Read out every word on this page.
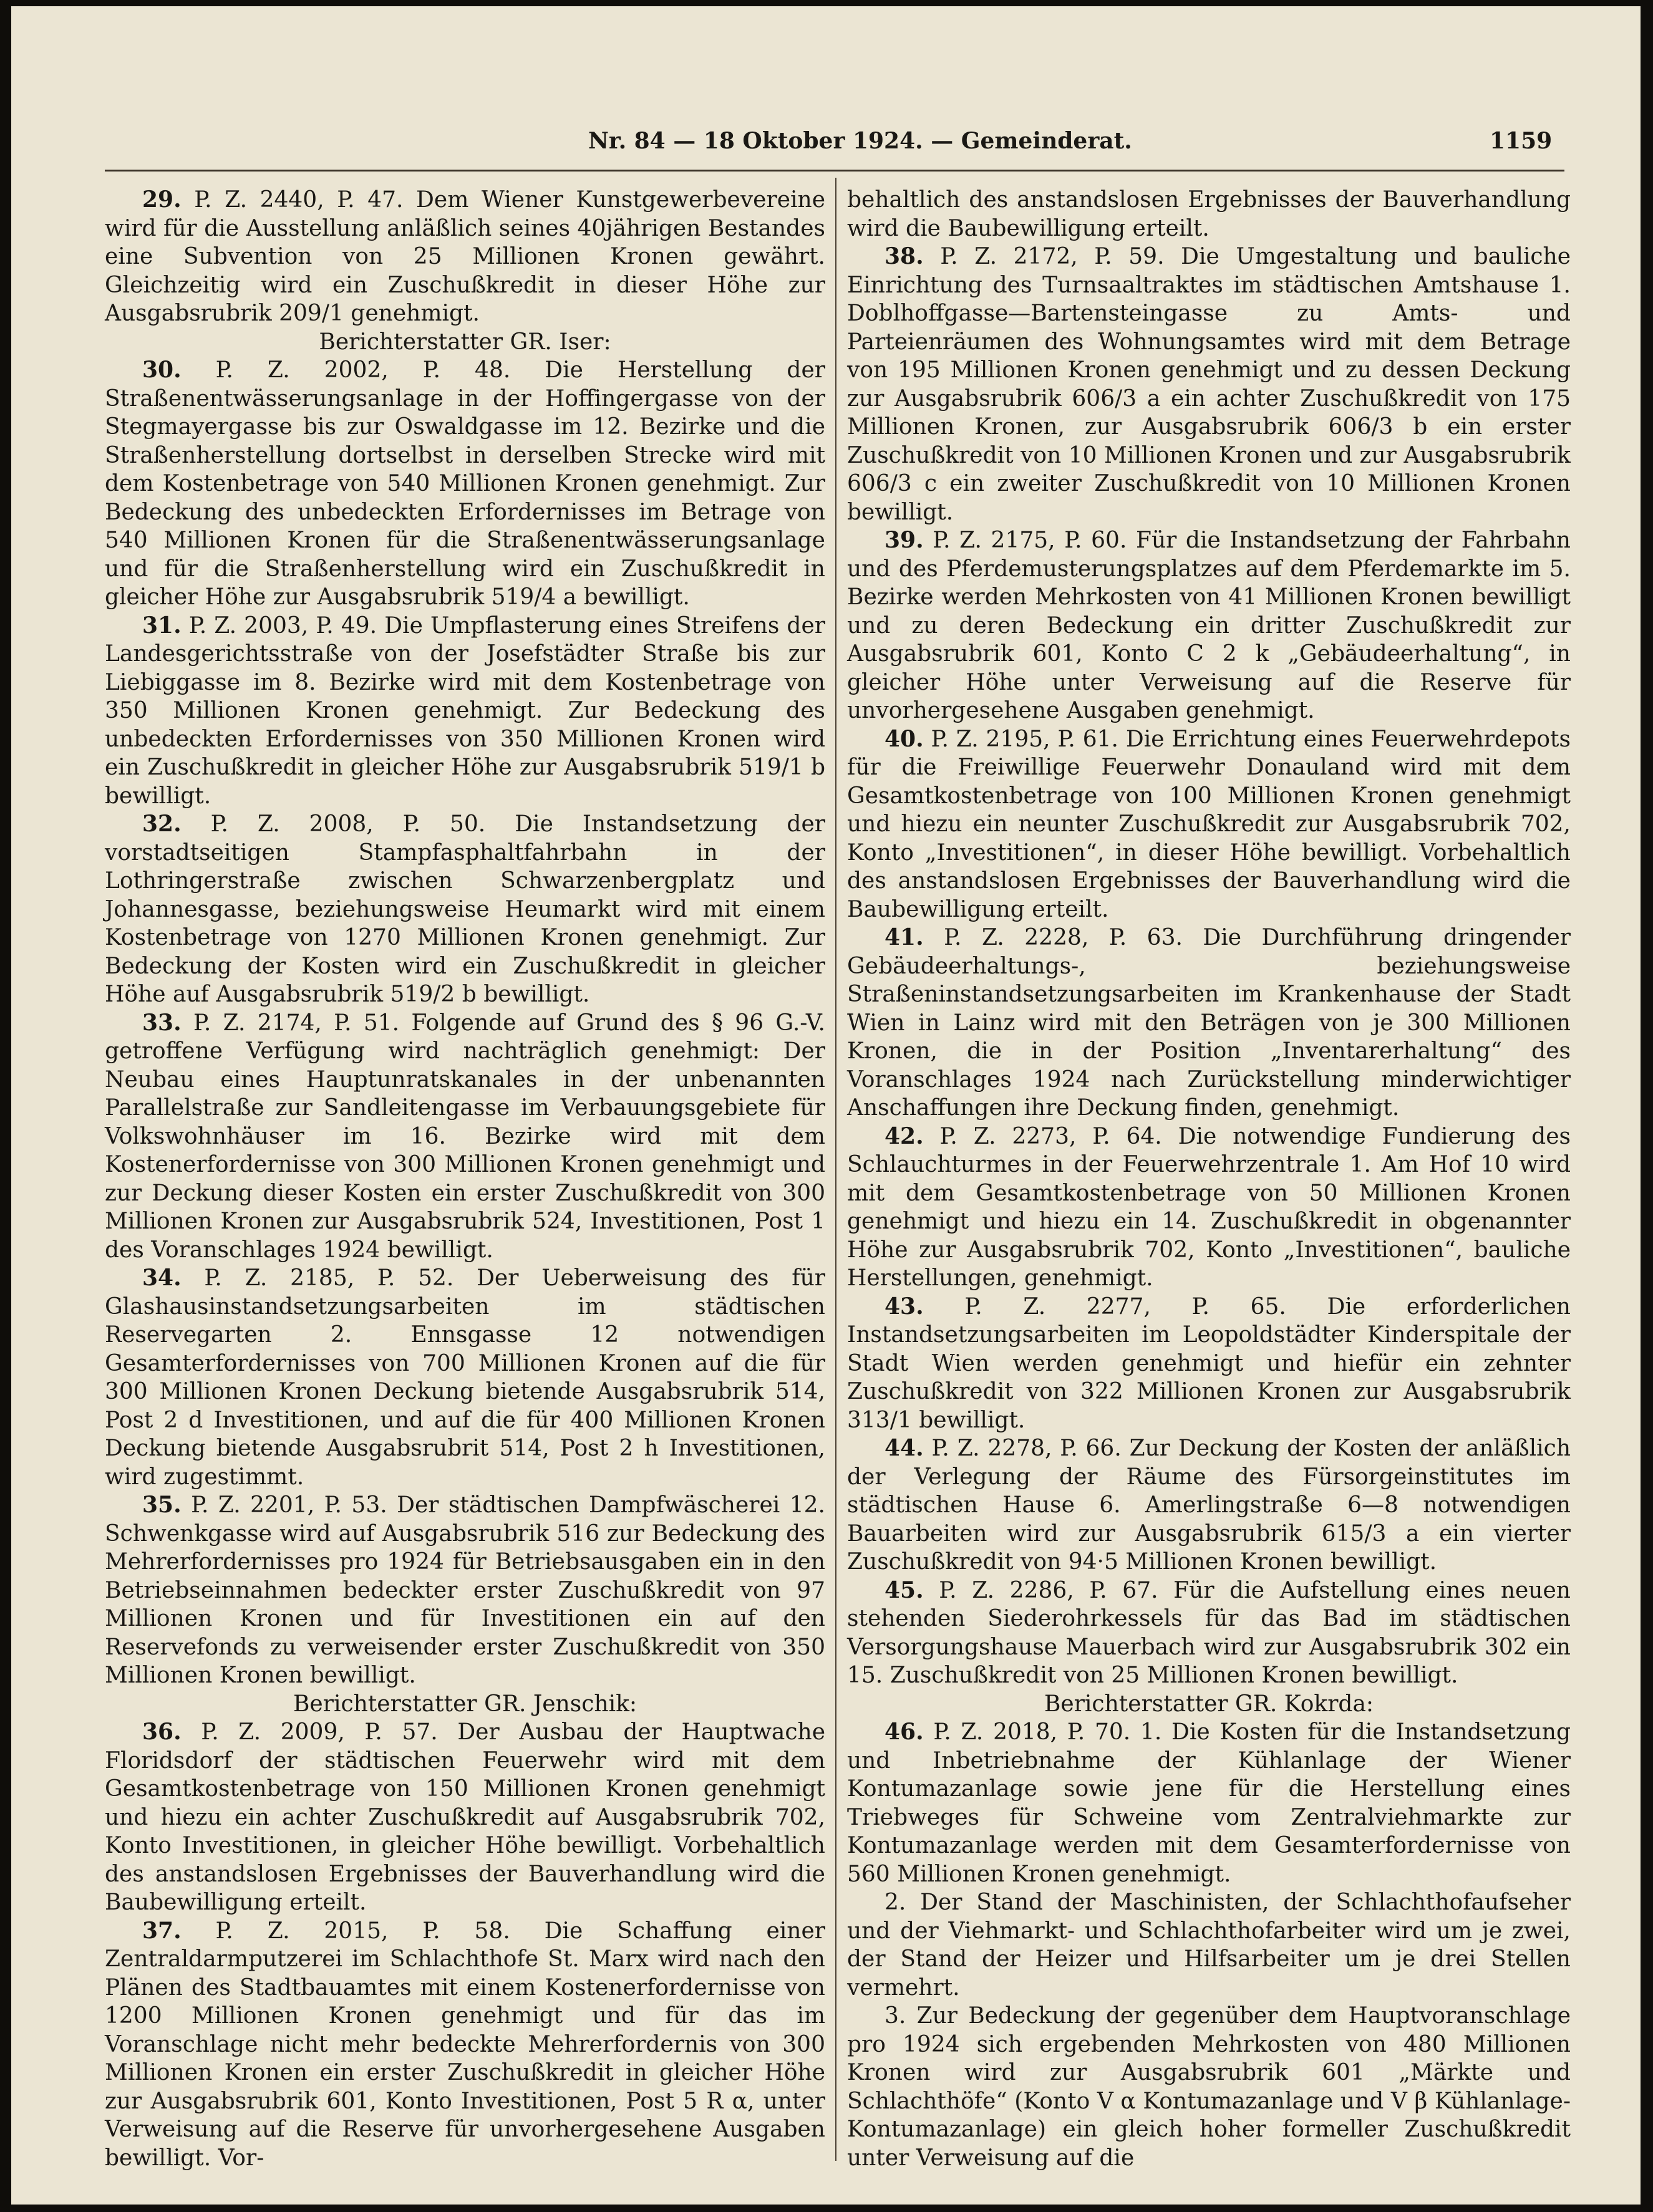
Nr. 84 — 18 Oktober 1924. — Gemeinderat.	1159

29. P. Z. 2440, P. 47. Dem Wiener Kunstgewerbevereine wird für die Ausstellung anläßlich seines 40jährigen Bestandes eine Subvention von 25 Millionen Kronen gewährt. Gleichzeitig wird ein Zuschußkredit in dieser Höhe zur Ausgabsrubrik 209/1 genehmigt.

Berichterstatter GR. Iser:

30. P. Z. 2002, P. 48. Die Herstellung der Straßenentwässerungsanlage in der Hoffingergasse von der Stegmayergasse bis zur Oswaldgasse im 12. Bezirke und die Straßenherstellung dortselbst in derselben Strecke wird mit dem Kostenbetrage von 540 Millionen Kronen genehmigt. Zur Bedeckung des unbedeckten Erfordernisses im Betrage von 540 Millionen Kronen für die Straßenentwässerungsanlage und für die Straßenherstellung wird ein Zuschußkredit in gleicher Höhe zur Ausgabsrubrik 519/4 a bewilligt.

31. P. Z. 2003, P. 49. Die Umpflasterung eines Streifens der Landesgerichtsstraße von der Josefstädter Straße bis zur Liebiggasse im 8. Bezirke wird mit dem Kostenbetrage von 350 Millionen Kronen genehmigt. Zur Bedeckung des unbedeckten Erfordernisses von 350 Millionen Kronen wird ein Zuschußkredit in gleicher Höhe zur Ausgabsrubrik 519/1 b bewilligt.

32. P. Z. 2008, P. 50. Die Instandsetzung der vorstadtseitigen Stampfasphaltfahrbahn in der Lothringerstraße zwischen Schwarzenbergplatz und Johannesgasse, beziehungsweise Heumarkt wird mit einem Kostenbetrage von 1270 Millionen Kronen genehmigt. Zur Bedeckung der Kosten wird ein Zuschußkredit in gleicher Höhe auf Ausgabsrubrik 519/2 b bewilligt.

33. P. Z. 2174, P. 51. Folgende auf Grund des § 96 G.-V. getroffene Verfügung wird nachträglich genehmigt: Der Neubau eines Hauptunratskanales in der unbenannten Parallelstraße zur Sandleitengasse im Verbauungsgebiete für Volkswohnhäuser im 16. Bezirke wird mit dem Kostenerfordernisse von 300 Millionen Kronen genehmigt und zur Deckung dieser Kosten ein erster Zuschußkredit von 300 Millionen Kronen zur Ausgabsrubrik 524, Investitionen, Post 1 des Voranschlages 1924 bewilligt.

34. P. Z. 2185, P. 52. Der Ueberweisung des für Glashausinstandsetzungsarbeiten im städtischen Reservegarten 2. Ennsgasse 12 notwendigen Gesamterfordernisses von 700 Millionen Kronen auf die für 300 Millionen Kronen Deckung bietende Ausgabsrubrik 514, Post 2 d Investitionen, und auf die für 400 Millionen Kronen Deckung bietende Ausgabsrubrit 514, Post 2 h Investitionen, wird zugestimmt.

35. P. Z. 2201, P. 53. Der städtischen Dampfwäscherei 12. Schwenkgasse wird auf Ausgabsrubrik 516 zur Bedeckung des Mehrerfordernisses pro 1924 für Betriebsausgaben ein in den Betriebseinnahmen bedeckter erster Zuschußkredit von 97 Millionen Kronen und für Investitionen ein auf den Reservefonds zu verweisender erster Zuschußkredit von 350 Millionen Kronen bewilligt.

Berichterstatter GR. Jenschik:

36. P. Z. 2009, P. 57. Der Ausbau der Hauptwache Floridsdorf der städtischen Feuerwehr wird mit dem Gesamtkostenbetrage von 150 Millionen Kronen genehmigt und hiezu ein achter Zuschußkredit auf Ausgabsrubrik 702, Konto Investitionen, in gleicher Höhe bewilligt. Vorbehaltlich des anstandslosen Ergebnisses der Bauverhandlung wird die Baubewilligung erteilt.

37. P. Z. 2015, P. 58. Die Schaffung einer Zentraldarmputzerei im Schlachthofe St. Marx wird nach den Plänen des Stadtbauamtes mit einem Kostenerfordernisse von 1200 Millionen Kronen genehmigt und für das im Voranschlage nicht mehr bedeckte Mehrerfordernis von 300 Millionen Kronen ein erster Zuschußkredit in gleicher Höhe zur Ausgabsrubrik 601, Konto Investitionen, Post 5 R α, unter Verweisung auf die Reserve für unvorhergesehene Ausgaben bewilligt. Vor-

behaltlich des anstandslosen Ergebnisses der Bauverhandlung wird die Baubewilligung erteilt.

38. P. Z. 2172, P. 59. Die Umgestaltung und bauliche Einrichtung des Turnsaaltraktes im städtischen Amtshause 1. Doblhoffgasse—Bartensteingasse zu Amts- und Parteienräumen des Wohnungsamtes wird mit dem Betrage von 195 Millionen Kronen genehmigt und zu dessen Deckung zur Ausgabsrubrik 606/3 a ein achter Zuschußkredit von 175 Millionen Kronen, zur Ausgabsrubrik 606/3 b ein erster Zuschußkredit von 10 Millionen Kronen und zur Ausgabsrubrik 606/3 c ein zweiter Zuschußkredit von 10 Millionen Kronen bewilligt.

39. P. Z. 2175, P. 60. Für die Instandsetzung der Fahrbahn und des Pferdemusterungsplatzes auf dem Pferdemarkte im 5. Bezirke werden Mehrkosten von 41 Millionen Kronen bewilligt und zu deren Bedeckung ein dritter Zuschußkredit zur Ausgabsrubrik 601, Konto C 2 k „Gebäudeerhaltung“, in gleicher Höhe unter Verweisung auf die Reserve für unvorhergesehene Ausgaben genehmigt.

40. P. Z. 2195, P. 61. Die Errichtung eines Feuerwehrdepots für die Freiwillige Feuerwehr Donauland wird mit dem Gesamtkostenbetrage von 100 Millionen Kronen genehmigt und hiezu ein neunter Zuschußkredit zur Ausgabsrubrik 702, Konto „Investitionen“, in dieser Höhe bewilligt. Vorbehaltlich des anstandslosen Ergebnisses der Bauverhandlung wird die Baubewilligung erteilt.

41. P. Z. 2228, P. 63. Die Durchführung dringender Gebäudeerhaltungs-, beziehungsweise Straßeninstandsetzungsarbeiten im Krankenhause der Stadt Wien in Lainz wird mit den Beträgen von je 300 Millionen Kronen, die in der Position „Inventarerhaltung“ des Voranschlages 1924 nach Zurückstellung minderwichtiger Anschaffungen ihre Deckung finden, genehmigt.

42. P. Z. 2273, P. 64. Die notwendige Fundierung des Schlauchturmes in der Feuerwehrzentrale 1. Am Hof 10 wird mit dem Gesamtkostenbetrage von 50 Millionen Kronen genehmigt und hiezu ein 14. Zuschußkredit in obgenannter Höhe zur Ausgabsrubrik 702, Konto „Investitionen“, bauliche Herstellungen, genehmigt.

43. P. Z. 2277, P. 65. Die erforderlichen Instandsetzungsarbeiten im Leopoldstädter Kinderspitale der Stadt Wien werden genehmigt und hiefür ein zehnter Zuschußkredit von 322 Millionen Kronen zur Ausgabsrubrik 313/1 bewilligt.

44. P. Z. 2278, P. 66. Zur Deckung der Kosten der anläßlich der Verlegung der Räume des Fürsorgeinstitutes im städtischen Hause 6. Amerlingstraße 6—8 notwendigen Bauarbeiten wird zur Ausgabsrubrik 615/3 a ein vierter Zuschußkredit von 94·5 Millionen Kronen bewilligt.

45. P. Z. 2286, P. 67. Für die Aufstellung eines neuen stehenden Siederohrkessels für das Bad im städtischen Versorgungshause Mauerbach wird zur Ausgabsrubrik 302 ein 15. Zuschußkredit von 25 Millionen Kronen bewilligt.

Berichterstatter GR. Kokrda:

46. P. Z. 2018, P. 70. 1. Die Kosten für die Instandsetzung und Inbetriebnahme der Kühlanlage der Wiener Kontumazanlage sowie jene für die Herstellung eines Triebweges für Schweine vom Zentralviehmarkte zur Kontumazanlage werden mit dem Gesamterfordernisse von 560 Millionen Kronen genehmigt.

2. Der Stand der Maschinisten, der Schlachthofaufseher und der Viehmarkt- und Schlachthofarbeiter wird um je zwei, der Stand der Heizer und Hilfsarbeiter um je drei Stellen vermehrt.

3. Zur Bedeckung der gegenüber dem Hauptvoranschlage pro 1924 sich ergebenden Mehrkosten von 480 Millionen Kronen wird zur Ausgabsrubrik 601 „Märkte und Schlachthöfe“ (Konto V α Kontumazanlage und V β Kühlanlage-Kontumazanlage) ein gleich hoher formeller Zuschußkredit unter Verweisung auf die
